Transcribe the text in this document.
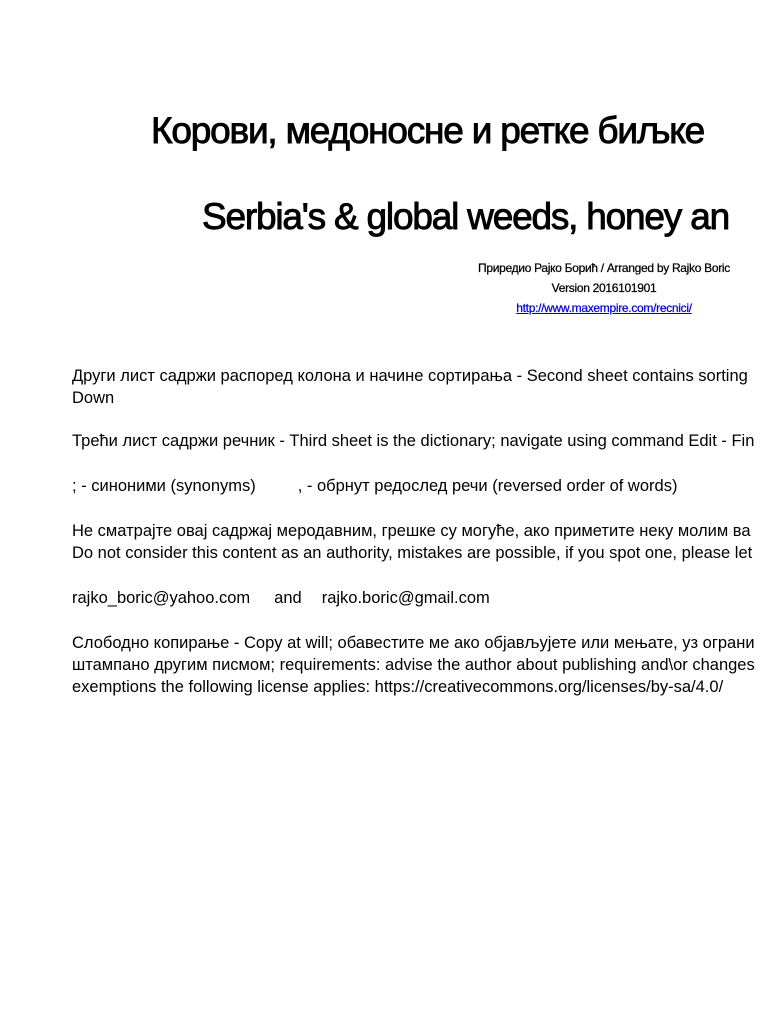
Корови, медоносне и ретке биљке
Serbia's & global weeds, honey an
Приредио Рајко Борић / Arranged by Rajko Boric
Version 2016101901
http://www.maxempire.com/recnici/
Други лист садржи распоред колона и начине сортирања - Second sheet contains sorting
Down
Трећи лист садржи речник - Third sheet is the dictionary; navigate using command Edit - Fin
; - синоними (synonyms)	, - обрнут редослед речи (reversed order of words)
Не сматрајте овај садржај меродавним, грешке су могуће, ако приметите неку молим ва
Do not consider this content as an authority, mistakes are possible, if you spot one, please let
rajko_boric@yahoo.com and rajko.boric@gmail.com
Слободно копирање - Copy at will; обавестите ме ако објављујете или мењате, уз ограни
штампано другим писмом; requirements: advise the author about publishing and\or changes
exemptions the following license applies: https://creativecommons.org/licenses/by-sa/4.0/
